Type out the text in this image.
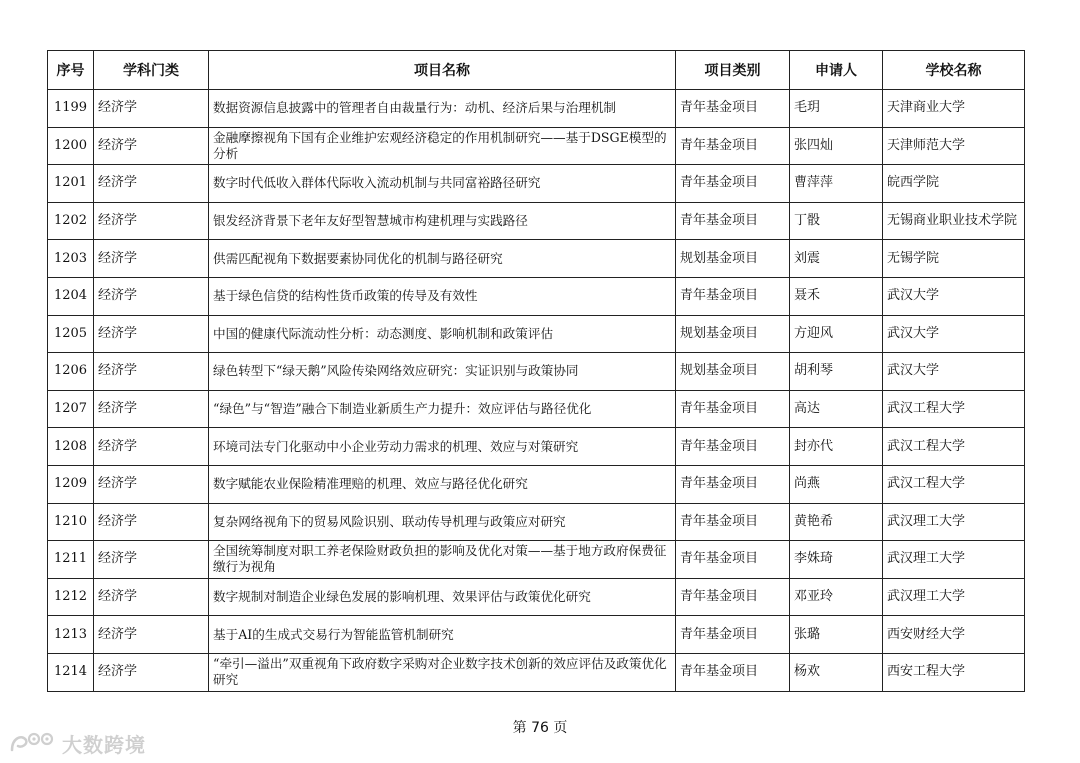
序号	学科门类	项目名称	项目类别	申请人	学校名称
1199	经济学	数据资源信息披露中的管理者自由裁量行为：动机、经济后果与治理机制	青年基金项目	毛玥	天津商业大学
1200	经济学	金融摩擦视角下国有企业维护宏观经济稳定的作用机制研究——基于DSGE模型的分析	青年基金项目	张四灿	天津师范大学
1201	经济学	数字时代低收入群体代际收入流动机制与共同富裕路径研究	青年基金项目	曹萍萍	皖西学院
1202	经济学	银发经济背景下老年友好型智慧城市构建机理与实践路径	青年基金项目	丁骰	无锡商业职业技术学院
1203	经济学	供需匹配视角下数据要素协同优化的机制与路径研究	规划基金项目	刘震	无锡学院
1204	经济学	基于绿色信贷的结构性货币政策的传导及有效性	青年基金项目	聂禾	武汉大学
1205	经济学	中国的健康代际流动性分析：动态测度、影响机制和政策评估	规划基金项目	方迎风	武汉大学
1206	经济学	绿色转型下“绿天鹅”风险传染网络效应研究：实证识别与政策协同	规划基金项目	胡利琴	武汉大学
1207	经济学	“绿色”与“智造”融合下制造业新质生产力提升：效应评估与路径优化	青年基金项目	高达	武汉工程大学
1208	经济学	环境司法专门化驱动中小企业劳动力需求的机理、效应与对策研究	青年基金项目	封亦代	武汉工程大学
1209	经济学	数字赋能农业保险精准理赔的机理、效应与路径优化研究	青年基金项目	尚燕	武汉工程大学
1210	经济学	复杂网络视角下的贸易风险识别、联动传导机理与政策应对研究	青年基金项目	黄艳希	武汉理工大学
1211	经济学	全国统筹制度对职工养老保险财政负担的影响及优化对策——基于地方政府保费征缴行为视角	青年基金项目	李姝琦	武汉理工大学
1212	经济学	数字规制对制造企业绿色发展的影响机理、效果评估与政策优化研究	青年基金项目	邓亚玲	武汉理工大学
1213	经济学	基于AI的生成式交易行为智能监管机制研究	青年基金项目	张璐	西安财经大学
1214	经济学	“牵引—溢出”双重视角下政府数字采购对企业数字技术创新的效应评估及政策优化研究	青年基金项目	杨欢	西安工程大学
第 76 页
大数跨境
